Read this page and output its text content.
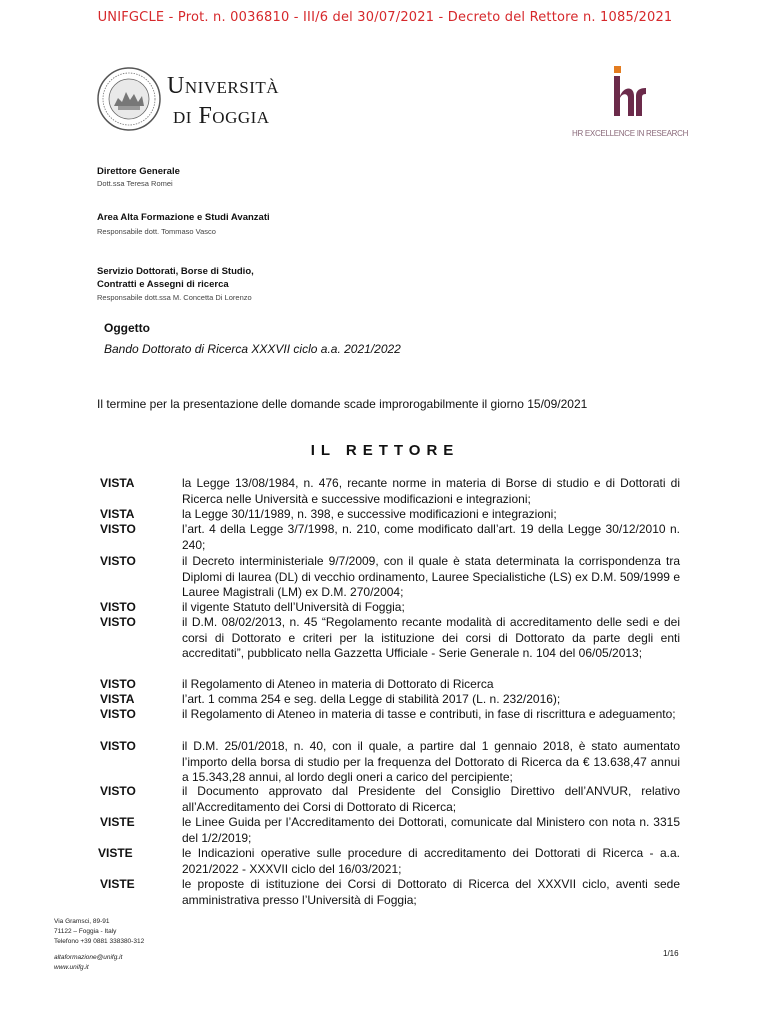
UNIFGCLE - Prot. n. 0036810 - III/6 del 30/07/2021 - Decreto del Rettore n. 1085/2021
Università
di Foggia
HR EXCELLENCE IN RESEARCH
Direttore Generale
Dott.ssa Teresa Romei
Area Alta Formazione e Studi Avanzati
Responsabile dott. Tommaso Vasco
Servizio Dottorati, Borse di Studio,
Contratti e Assegni di ricerca
Responsabile dott.ssa M. Concetta Di Lorenzo
Oggetto
Bando Dottorato di Ricerca XXXVII ciclo a.a. 2021/2022
Il termine per la presentazione delle domande scade improrogabilmente il giorno 15/09/2021
IL RETTORE
VISTA
VISTA
VISTO
VISTO
VISTO
VISTO
VISTO
VISTA
VISTO
VISTO
VISTO
VISTE
VISTE
VISTE
la Legge 13/08/1984, n. 476, recante norme in materia di Borse di studio e di Dottorati di Ricerca nelle Università e successive modificazioni e integrazioni;
la Legge 30/11/1989, n. 398, e successive modificazioni e integrazioni;
l’art. 4 della Legge 3/7/1998, n. 210, come modificato dall’art. 19 della Legge 30/12/2010 n. 240;
il Decreto interministeriale 9/7/2009, con il quale è stata determinata la corrispondenza tra Diplomi di laurea (DL) di vecchio ordinamento, Lauree Specialistiche (LS) ex D.M. 509/1999 e Lauree Magistrali (LM) ex D.M. 270/2004;
il vigente Statuto dell’Università di Foggia;
il D.M. 08/02/2013, n. 45 “Regolamento recante modalità di accreditamento delle sedi e dei corsi di Dottorato e criteri per la istituzione dei corsi di Dottorato da parte degli enti accreditati”, pubblicato nella Gazzetta Ufficiale - Serie Generale n. 104 del 06/05/2013;
il Regolamento di Ateneo in materia di Dottorato di Ricerca
l’art. 1 comma 254 e seg. della Legge di stabilità 2017 (L. n. 232/2016);
il Regolamento di Ateneo in materia di tasse e contributi, in fase di riscrittura e adeguamento;
il D.M. 25/01/2018, n. 40, con il quale, a partire dal 1 gennaio 2018, è stato aumentato l’importo della borsa di studio per la frequenza del Dottorato di Ricerca da € 13.638,47 annui a 15.343,28 annui, al lordo degli oneri a carico del percipiente;
il Documento approvato dal Presidente del Consiglio Direttivo dell’ANVUR, relativo all’Accreditamento dei Corsi di Dottorato di Ricerca;
le Linee Guida per l’Accreditamento dei Dottorati, comunicate dal Ministero con nota n. 3315 del 1/2/2019;
le Indicazioni operative sulle procedure di accreditamento dei Dottorati di Ricerca - a.a. 2021/2022 - XXXVII ciclo del 16/03/2021;
le proposte di istituzione dei Corsi di Dottorato di Ricerca del XXXVII ciclo, aventi sede amministrativa presso l’Università di Foggia;
Via Gramsci, 89-91
71122 – Foggia - Italy
Telefono +39 0881 338380-312
altaformazione@unifg.it
www.unifg.it
1/16
